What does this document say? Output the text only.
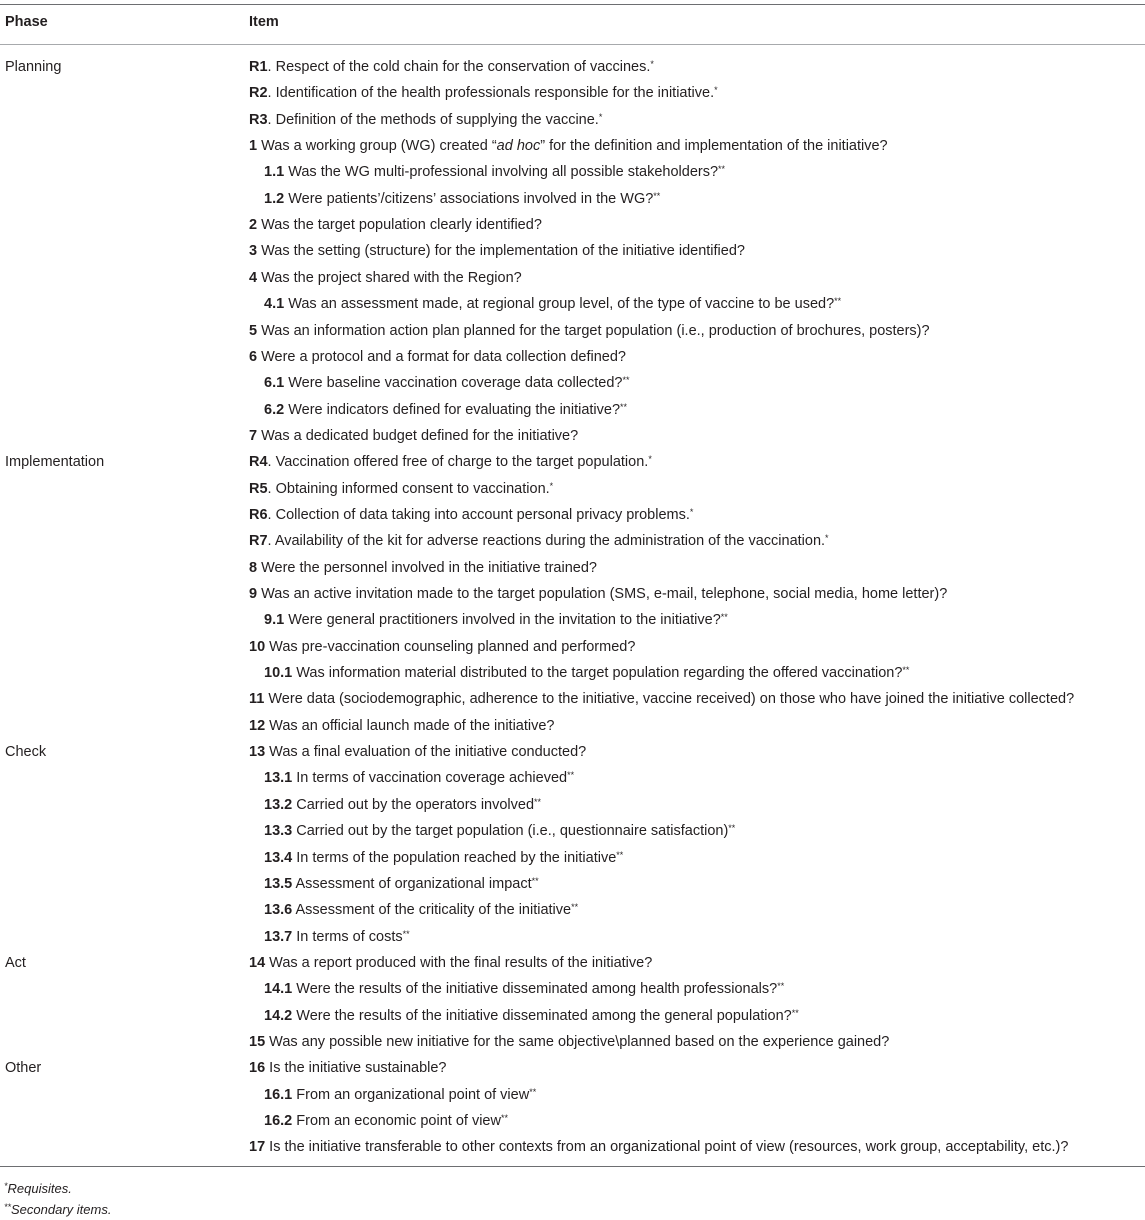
Phase	Item
Planning	R1. Respect of the cold chain for the conservation of vaccines.*
R2. Identification of the health professionals responsible for the initiative.*
R3. Definition of the methods of supplying the vaccine.*
1 Was a working group (WG) created “ad hoc” for the definition and implementation of the initiative?
1.1 Was the WG multi-professional involving all possible stakeholders?**
1.2 Were patients’/citizens’ associations involved in the WG?**
2 Was the target population clearly identified?
3 Was the setting (structure) for the implementation of the initiative identified?
4 Was the project shared with the Region?
4.1 Was an assessment made, at regional group level, of the type of vaccine to be used?**
5 Was an information action plan planned for the target population (i.e., production of brochures, posters)?
6 Were a protocol and a format for data collection defined?
6.1 Were baseline vaccination coverage data collected?**
6.2 Were indicators defined for evaluating the initiative?**
7 Was a dedicated budget defined for the initiative?
Implementation	R4. Vaccination offered free of charge to the target population.*
R5. Obtaining informed consent to vaccination.*
R6. Collection of data taking into account personal privacy problems.*
R7. Availability of the kit for adverse reactions during the administration of the vaccination.*
8 Were the personnel involved in the initiative trained?
9 Was an active invitation made to the target population (SMS, e-mail, telephone, social media, home letter)?
9.1 Were general practitioners involved in the invitation to the initiative?**
10 Was pre-vaccination counseling planned and performed?
10.1 Was information material distributed to the target population regarding the offered vaccination?**
11 Were data (sociodemographic, adherence to the initiative, vaccine received) on those who have joined the initiative collected?
12 Was an official launch made of the initiative?
Check	13 Was a final evaluation of the initiative conducted?
13.1 In terms of vaccination coverage achieved**
13.2 Carried out by the operators involved**
13.3 Carried out by the target population (i.e., questionnaire satisfaction)**
13.4 In terms of the population reached by the initiative**
13.5 Assessment of organizational impact**
13.6 Assessment of the criticality of the initiative**
13.7 In terms of costs**
Act	14 Was a report produced with the final results of the initiative?
14.1 Were the results of the initiative disseminated among health professionals?**
14.2 Were the results of the initiative disseminated among the general population?**
15 Was any possible new initiative for the same objective\planned based on the experience gained?
Other	16 Is the initiative sustainable?
16.1 From an organizational point of view**
16.2 From an economic point of view**
17 Is the initiative transferable to other contexts from an organizational point of view (resources, work group, acceptability, etc.)?
*Requisites.
**Secondary items.
